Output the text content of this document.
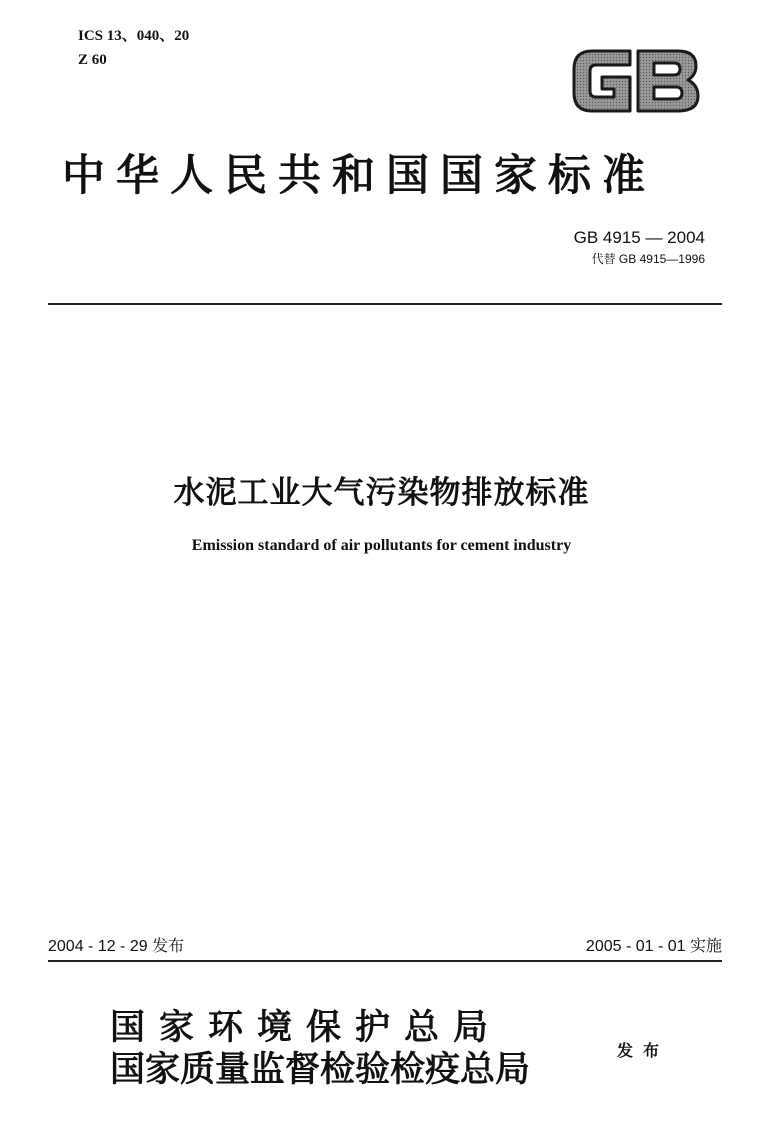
ICS 13、040、20
Z 60
中华人民共和国国家标准
GB 4915 — 2004
代替 GB 4915—1996
水泥工业大气污染物排放标准
Emission standard of air pollutants for cement industry
2004 - 12 - 29 发布	2005 - 01 - 01 实施
国家环境保护总局
国家质量监督检验检疫总局	发布
